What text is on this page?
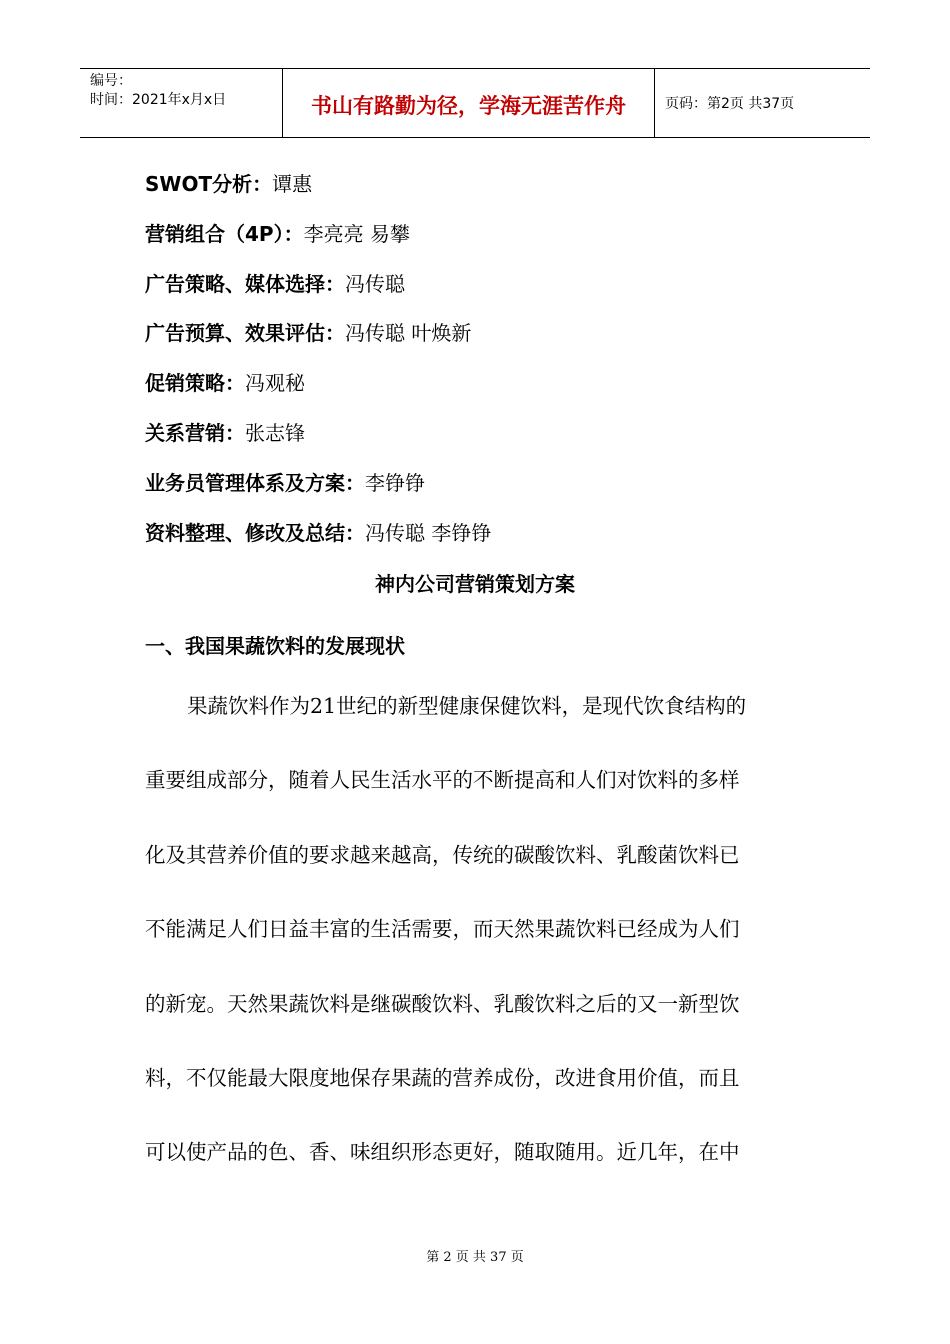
编号：
时间：2021年x月x日	书山有路勤为径，学海无涯苦作舟	页码：第2页 共37页
SWOT分析：谭惠
营销组合（4P）：李亮亮 易攀
广告策略、媒体选择：冯传聪
广告预算、效果评估：冯传聪 叶焕新
促销策略：冯观秘
关系营销：张志锋
业务员管理体系及方案：李铮铮
资料整理、修改及总结：冯传聪 李铮铮
神内公司营销策划方案
一、我国果蔬饮料的发展现状
果蔬饮料作为21世纪的新型健康保健饮料，是现代饮食结构的
重要组成部分，随着人民生活水平的不断提高和人们对饮料的多样
化及其营养价值的要求越来越高，传统的碳酸饮料、乳酸菌饮料已
不能满足人们日益丰富的生活需要，而天然果蔬饮料已经成为人们
的新宠。天然果蔬饮料是继碳酸饮料、乳酸饮料之后的又一新型饮
料，不仅能最大限度地保存果蔬的营养成份，改进食用价值，而且
可以使产品的色、香、味组织形态更好，随取随用。近几年，在中
第 2 页 共 37 页
